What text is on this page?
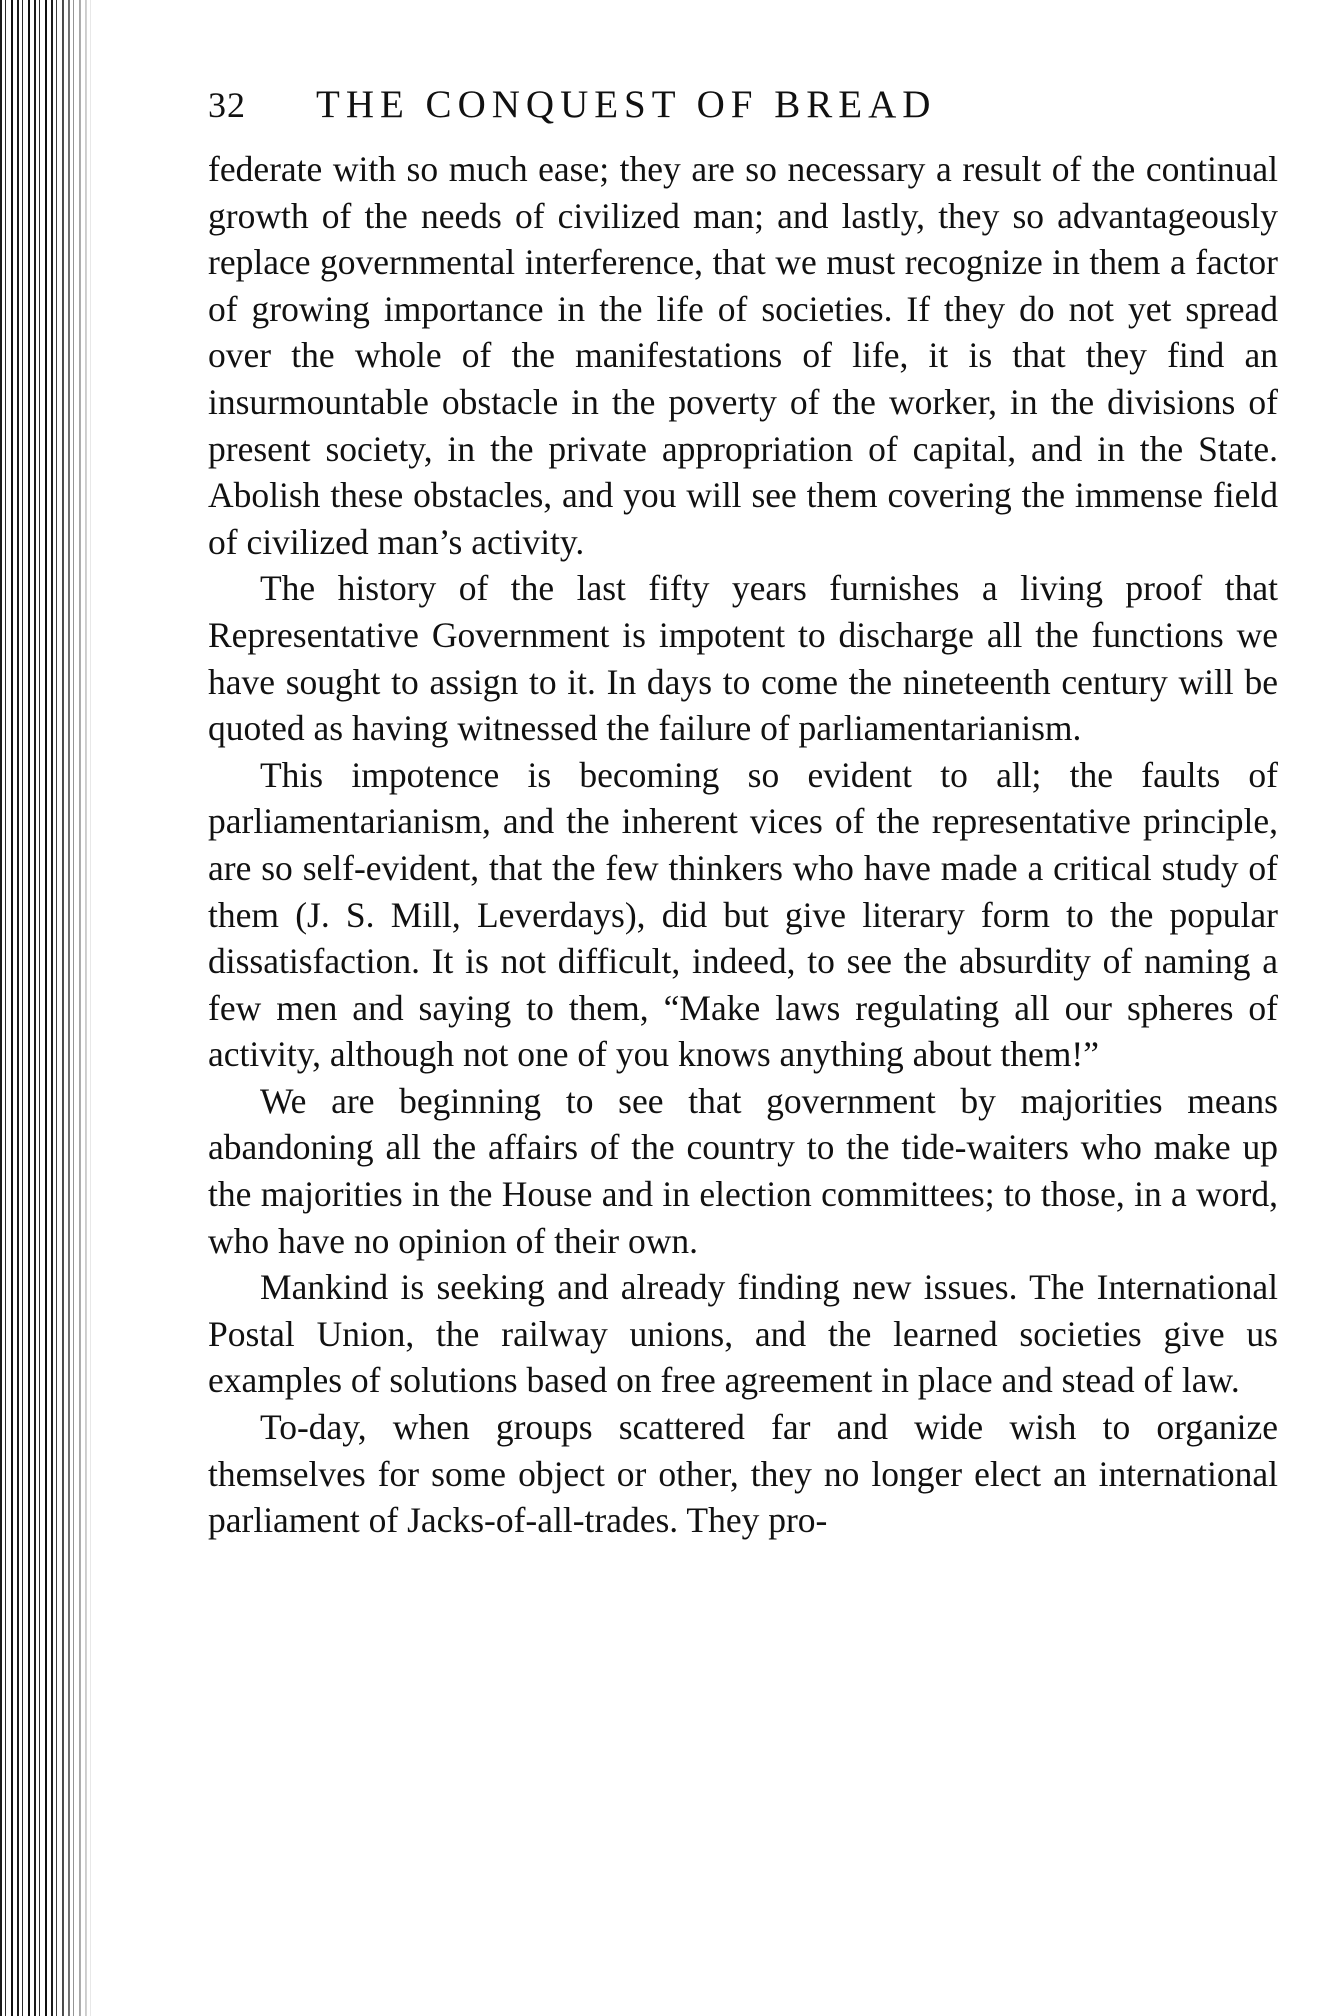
32	THE CONQUEST OF BREAD

federate with so much ease; they are so necessary a result of the continual growth of the needs of civilized man; and lastly, they so advantageously replace governmental interference, that we must recognize in them a factor of growing importance in the life of societies. If they do not yet spread over the whole of the manifestations of life, it is that they find an insurmountable obstacle in the poverty of the worker, in the divisions of present society, in the private appropriation of capital, and in the State. Abolish these obstacles, and you will see them covering the immense field of civilized man’s activity.

The history of the last fifty years furnishes a living proof that Representative Government is impotent to discharge all the functions we have sought to assign to it. In days to come the nineteenth century will be quoted as having witnessed the failure of parliamentarianism.

This impotence is becoming so evident to all; the faults of parliamentarianism, and the inherent vices of the representative principle, are so self-evident, that the few thinkers who have made a critical study of them (J. S. Mill, Leverdays), did but give literary form to the popular dissatisfaction. It is not difficult, indeed, to see the absurdity of naming a few men and saying to them, “Make laws regulating all our spheres of activity, although not one of you knows anything about them!”

We are beginning to see that government by majorities means abandoning all the affairs of the country to the tide-waiters who make up the majorities in the House and in election committees; to those, in a word, who have no opinion of their own.

Mankind is seeking and already finding new issues. The International Postal Union, the railway unions, and the learned societies give us examples of solutions based on free agreement in place and stead of law.

To-day, when groups scattered far and wide wish to organize themselves for some object or other, they no longer elect an international parliament of Jacks-of-all-trades. They pro-
